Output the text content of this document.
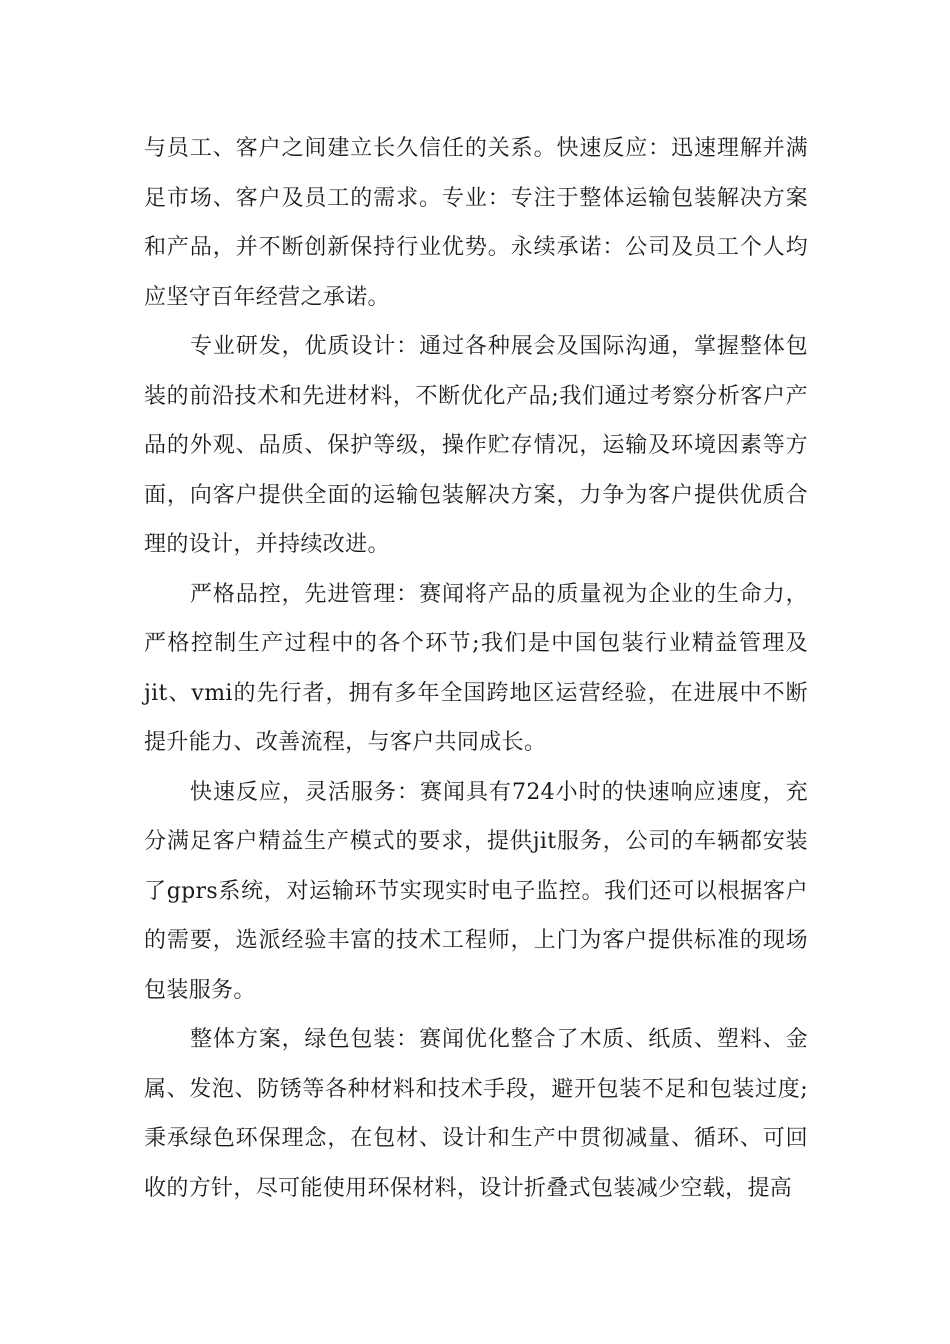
与员工、客户之间建立长久信任的关系。快速反应：迅速理解并满足市场、客户及员工的需求。专业：专注于整体运输包装解决方案和产品，并不断创新保持行业优势。永续承诺：公司及员工个人均应坚守百年经营之承诺。

专业研发，优质设计：通过各种展会及国际沟通，掌握整体包装的前沿技术和先进材料，不断优化产品;我们通过考察分析客户产品的外观、品质、保护等级，操作贮存情况，运输及环境因素等方面，向客户提供全面的运输包装解决方案，力争为客户提供优质合理的设计，并持续改进。

严格品控，先进管理：赛闻将产品的质量视为企业的生命力，严格控制生产过程中的各个环节;我们是中国包装行业精益管理及jit、vmi的先行者，拥有多年全国跨地区运营经验，在进展中不断提升能力、改善流程，与客户共同成长。

快速反应，灵活服务：赛闻具有724小时的快速响应速度，充分满足客户精益生产模式的要求，提供jit服务，公司的车辆都安装了gprs系统，对运输环节实现实时电子监控。我们还可以根据客户的需要，选派经验丰富的技术工程师，上门为客户提供标准的现场包装服务。

整体方案，绿色包装：赛闻优化整合了木质、纸质、塑料、金属、发泡、防锈等各种材料和技术手段，避开包装不足和包装过度;秉承绿色环保理念，在包材、设计和生产中贯彻减量、循环、可回收的方针，尽可能使用环保材料，设计折叠式包装减少空载，提高
